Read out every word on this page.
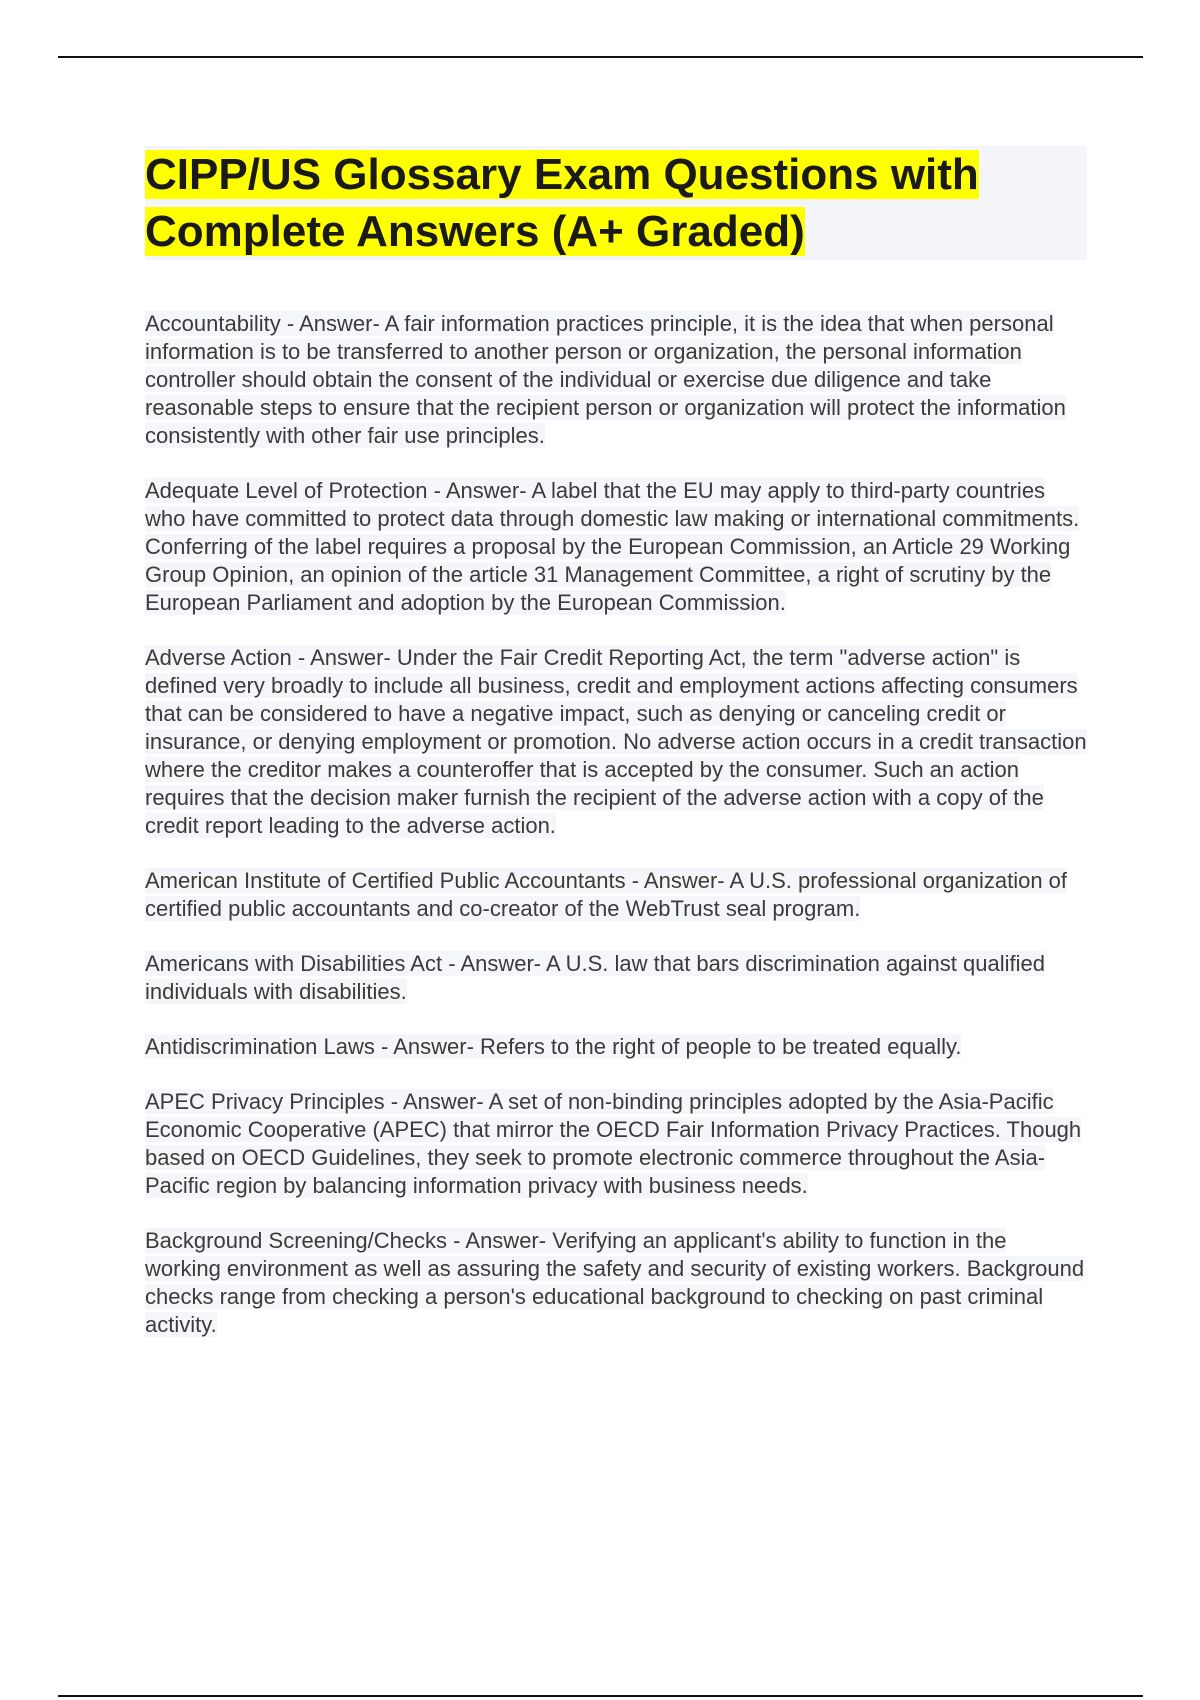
CIPP/US Glossary Exam Questions with Complete Answers (A+ Graded)

Accountability - Answer- A fair information practices principle, it is the idea that when personal information is to be transferred to another person or organization, the personal information controller should obtain the consent of the individual or exercise due diligence and take reasonable steps to ensure that the recipient person or organization will protect the information consistently with other fair use principles.

Adequate Level of Protection - Answer- A label that the EU may apply to third-party countries who have committed to protect data through domestic law making or international commitments. Conferring of the label requires a proposal by the European Commission, an Article 29 Working Group Opinion, an opinion of the article 31 Management Committee, a right of scrutiny by the European Parliament and adoption by the European Commission.

Adverse Action - Answer- Under the Fair Credit Reporting Act, the term "adverse action" is defined very broadly to include all business, credit and employment actions affecting consumers that can be considered to have a negative impact, such as denying or canceling credit or insurance, or denying employment or promotion. No adverse action occurs in a credit transaction where the creditor makes a counteroffer that is accepted by the consumer. Such an action requires that the decision maker furnish the recipient of the adverse action with a copy of the credit report leading to the adverse action.

American Institute of Certified Public Accountants - Answer- A U.S. professional organization of certified public accountants and co-creator of the WebTrust seal program.

Americans with Disabilities Act - Answer- A U.S. law that bars discrimination against qualified individuals with disabilities.

Antidiscrimination Laws - Answer- Refers to the right of people to be treated equally.

APEC Privacy Principles - Answer- A set of non-binding principles adopted by the Asia-Pacific Economic Cooperative (APEC) that mirror the OECD Fair Information Privacy Practices. Though based on OECD Guidelines, they seek to promote electronic commerce throughout the Asia-Pacific region by balancing information privacy with business needs.

Background Screening/Checks - Answer- Verifying an applicant's ability to function in the working environment as well as assuring the safety and security of existing workers. Background checks range from checking a person's educational background to checking on past criminal activity.
